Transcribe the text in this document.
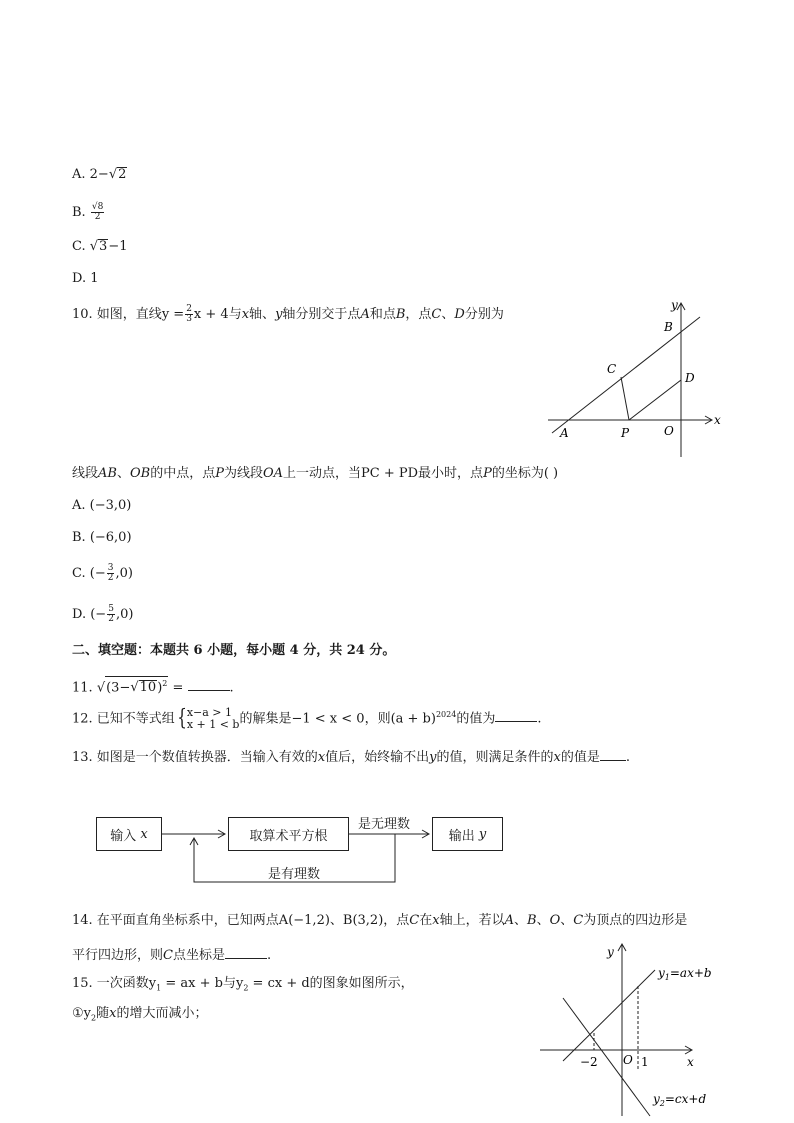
A. 2−√2
B. $\frac{√8}{2}$
C. √3−1
D. 1
10. 如图，直线$y = \frac{2}{3}$ x + 4与x轴、y轴分别交于点A和点B，点C、D分别为
y
B
C
D
x
A	P	O
线段AB、OB的中点，点P为线段OA上一动点，当PC + PD最小时，点P的坐标为( )
A. (−3,0)
B. (−6,0)
C. (− $\frac{3}{2} ,0$)
D. (− $\frac{5}{2} ,0$)
二、填空题：本题共 6 小题，每小题 4 分，共 24 分。
11. $√(3-√10)^2$ =	.
12. 已知不等式组{ x−a > 1
x + 1 < b 的解集是−1 < x < 0，则$(a + b)^{2024}$的值为	.
13. 如图是一个数值转换器．当输入有效的x值后，始终输不出y的值，则满足条件的x的值是 .
输入
x	取算术平方根	输出
y
是无理数
是有理数
14. 在平面直角坐标系中，已知两点A(−1,2)、B(3,2)，点C在x轴上，若以A、B、O、C为顶点的四边形是
平行四边形，则C点坐标是	.
15. 一次函数$y_1$ = ax + b与$y_2$ = cx + d的图象如图所示，
$①y_2$随x的增大而减小；
y
x
O
−2	1
$y_1=ax+b$
$y_2=cx+d$
